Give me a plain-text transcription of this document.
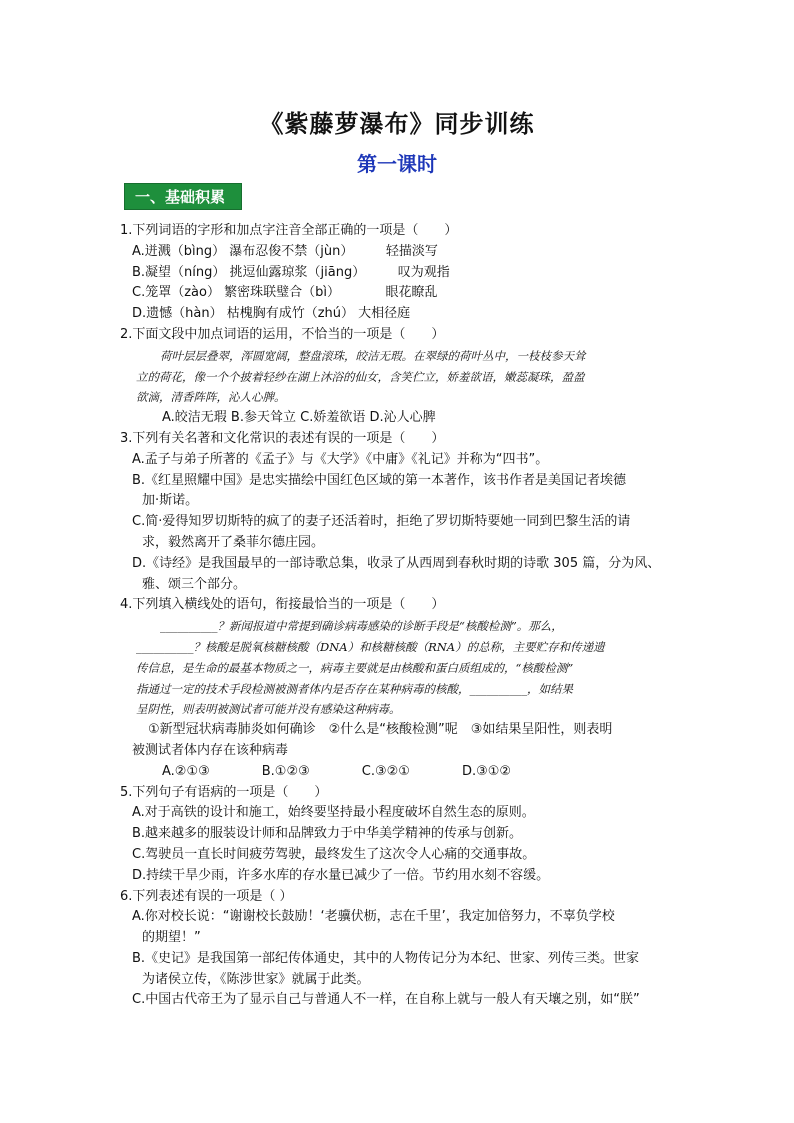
《紫藤萝瀑布》同步训练
第一课时
一、基础积累

1.下列词语的字形和加点字注音全部正确的一项是（　　）

A.迸溅（bìng） 瀑布忍俊不禁（jùn）　　　轻描淡写

B.凝望（níng） 挑逗仙露琼浆（jiāng）　　　叹为观指

C.笼罩（zào） 繁密珠联璧合（bì）　　　　眼花瞭乱

D.遗憾（hàn） 枯槐胸有成竹（zhú） 大相径庭

2.下面文段中加点词语的运用，不恰当的一项是（　　）

荷叶层层叠翠，浑圆宽阔，整盘滚珠，皎洁无瑕。在翠绿的荷叶丛中，一枝枝参天耸

立的荷花，像一个个披着轻纱在湖上沐浴的仙女，含笑伫立，娇羞欲语，嫩蕊凝珠，盈盈

欲滴，清香阵阵，沁人心脾。

A.皎洁无瑕 B.参天耸立 C.娇羞欲语 D.沁人心脾

3.下列有关名著和文化常识的表述有误的一项是（　　）

A.孟子与弟子所著的《孟子》与《大学》《中庸》《礼记》并称为“四书”。

B.《红星照耀中国》是忠实描绘中国红色区域的第一本著作，该书作者是美国记者埃德

加·斯诺。

C.简·爱得知罗切斯特的疯了的妻子还活着时，拒绝了罗切斯特要她一同到巴黎生活的请

求，毅然离开了桑菲尔德庄园。

D.《诗经》是我国最早的一部诗歌总集，收录了从西周到春秋时期的诗歌 305 篇，分为风、

雅、颂三个部分。

4.下列填入横线处的语句，衔接最恰当的一项是（　　）

__________？新闻报道中常提到确诊病毒感染的诊断手段是“核酸检测”。那么，

__________？核酸是脱氧核糖核酸（DNA）和核糖核酸（RNA）的总称，主要贮存和传递遗

传信息，是生命的最基本物质之一，病毒主要就是由核酸和蛋白质组成的，“核酸检测”

指通过一定的技术手段检测被测者体内是否存在某种病毒的核酸，__________，如结果

呈阴性，则表明被测试者可能并没有感染这种病毒。

①新型冠状病毒肺炎如何确诊　②什么是“核酸检测”呢　③如结果呈阳性，则表明

被测试者体内存在该种病毒

A.②①③　　　　B.①②③　　　　C.③②①　　　　D.③①②

5.下列句子有语病的一项是（　　）

A.对于高铁的设计和施工，始终要坚持最小程度破坏自然生态的原则。

B.越来越多的服装设计师和品牌致力于中华美学精神的传承与创新。

C.驾驶员一直长时间疲劳驾驶，最终发生了这次令人心痛的交通事故。

D.持续干旱少雨，许多水库的存水量已减少了一倍。节约用水刻不容缓。

6.下列表述有误的一项是（ ）

A.你对校长说：“谢谢校长鼓励！‘老骥伏枥，志在千里’，我定加倍努力，不辜负学校

的期望！”

B.《史记》是我国第一部纪传体通史，其中的人物传记分为本纪、世家、列传三类。世家

为诸侯立传，《陈涉世家》就属于此类。

C.中国古代帝王为了显示自己与普通人不一样，在自称上就与一般人有天壤之别，如“朕”
